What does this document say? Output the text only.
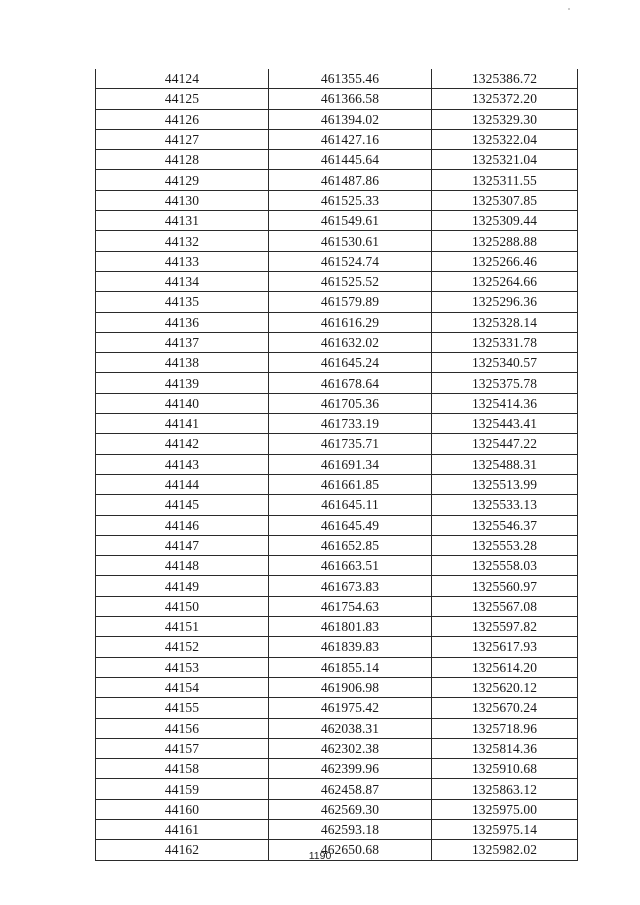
44124	461355.46	1325386.72
44125	461366.58	1325372.20
44126	461394.02	1325329.30
44127	461427.16	1325322.04
44128	461445.64	1325321.04
44129	461487.86	1325311.55
44130	461525.33	1325307.85
44131	461549.61	1325309.44
44132	461530.61	1325288.88
44133	461524.74	1325266.46
44134	461525.52	1325264.66
44135	461579.89	1325296.36
44136	461616.29	1325328.14
44137	461632.02	1325331.78
44138	461645.24	1325340.57
44139	461678.64	1325375.78
44140	461705.36	1325414.36
44141	461733.19	1325443.41
44142	461735.71	1325447.22
44143	461691.34	1325488.31
44144	461661.85	1325513.99
44145	461645.11	1325533.13
44146	461645.49	1325546.37
44147	461652.85	1325553.28
44148	461663.51	1325558.03
44149	461673.83	1325560.97
44150	461754.63	1325567.08
44151	461801.83	1325597.82
44152	461839.83	1325617.93
44153	461855.14	1325614.20
44154	461906.98	1325620.12
44155	461975.42	1325670.24
44156	462038.31	1325718.96
44157	462302.38	1325814.36
44158	462399.96	1325910.68
44159	462458.87	1325863.12
44160	462569.30	1325975.00
44161	462593.18	1325975.14
44162	462650.68	1325982.02
1190
